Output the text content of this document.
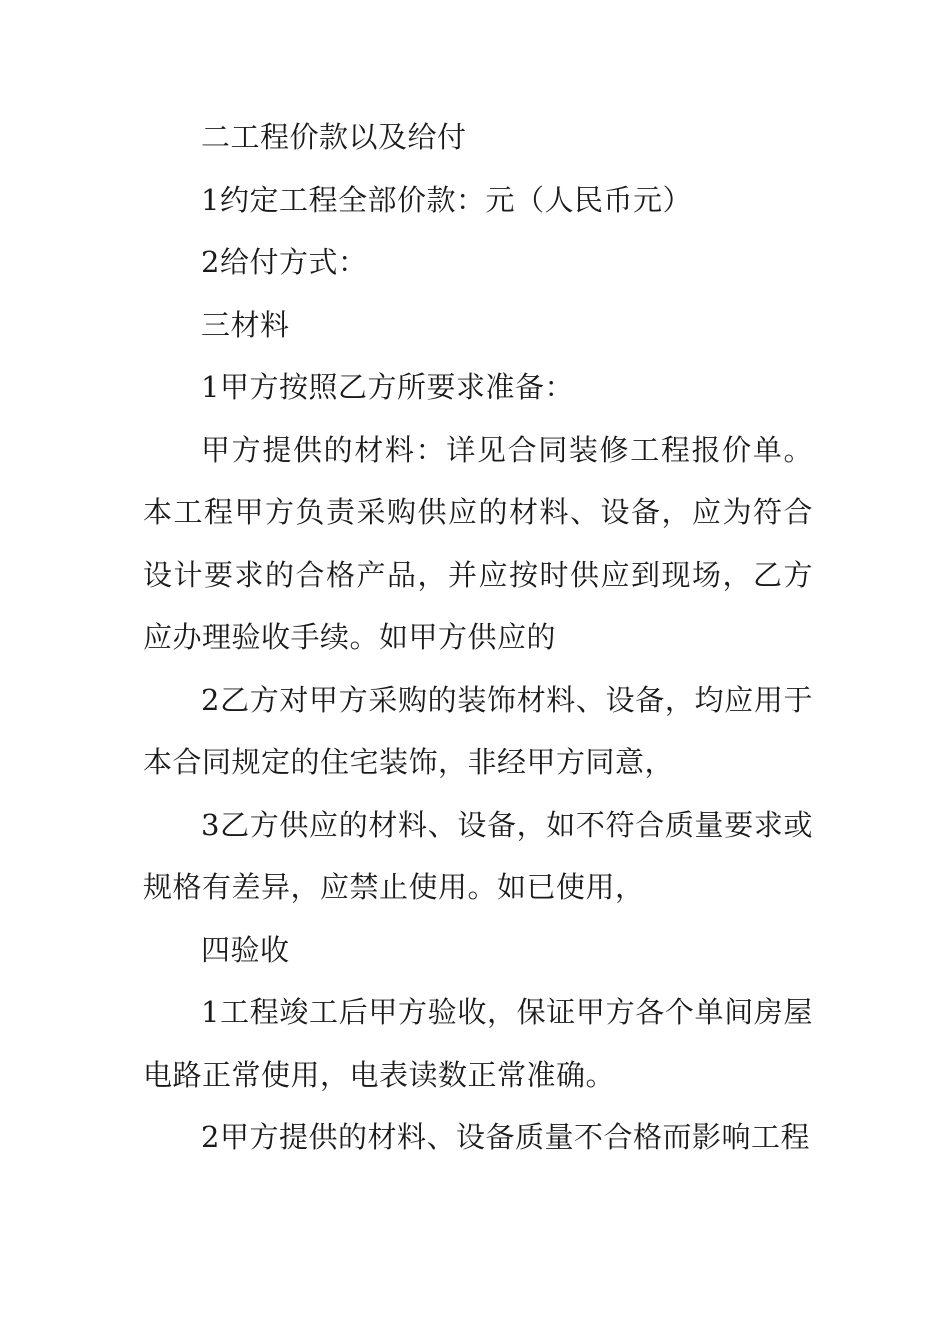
二工程价款以及给付

1约定工程全部价款：元（人民币元）

2给付方式：

三材料

1甲方按照乙方所要求准备：

甲方提供的材料：详见合同装修工程报价单。本工程甲方负责采购供应的材料、设备，应为符合设计要求的合格产品，并应按时供应到现场，乙方应办理验收手续。如甲方供应的

2乙方对甲方采购的装饰材料、设备，均应用于本合同规定的住宅装饰，非经甲方同意，

3乙方供应的材料、设备，如不符合质量要求或规格有差异，应禁止使用。如已使用，

四验收

1工程竣工后甲方验收，保证甲方各个单间房屋电路正常使用，电表读数正常准确。

2甲方提供的材料、设备质量不合格而影响工程
